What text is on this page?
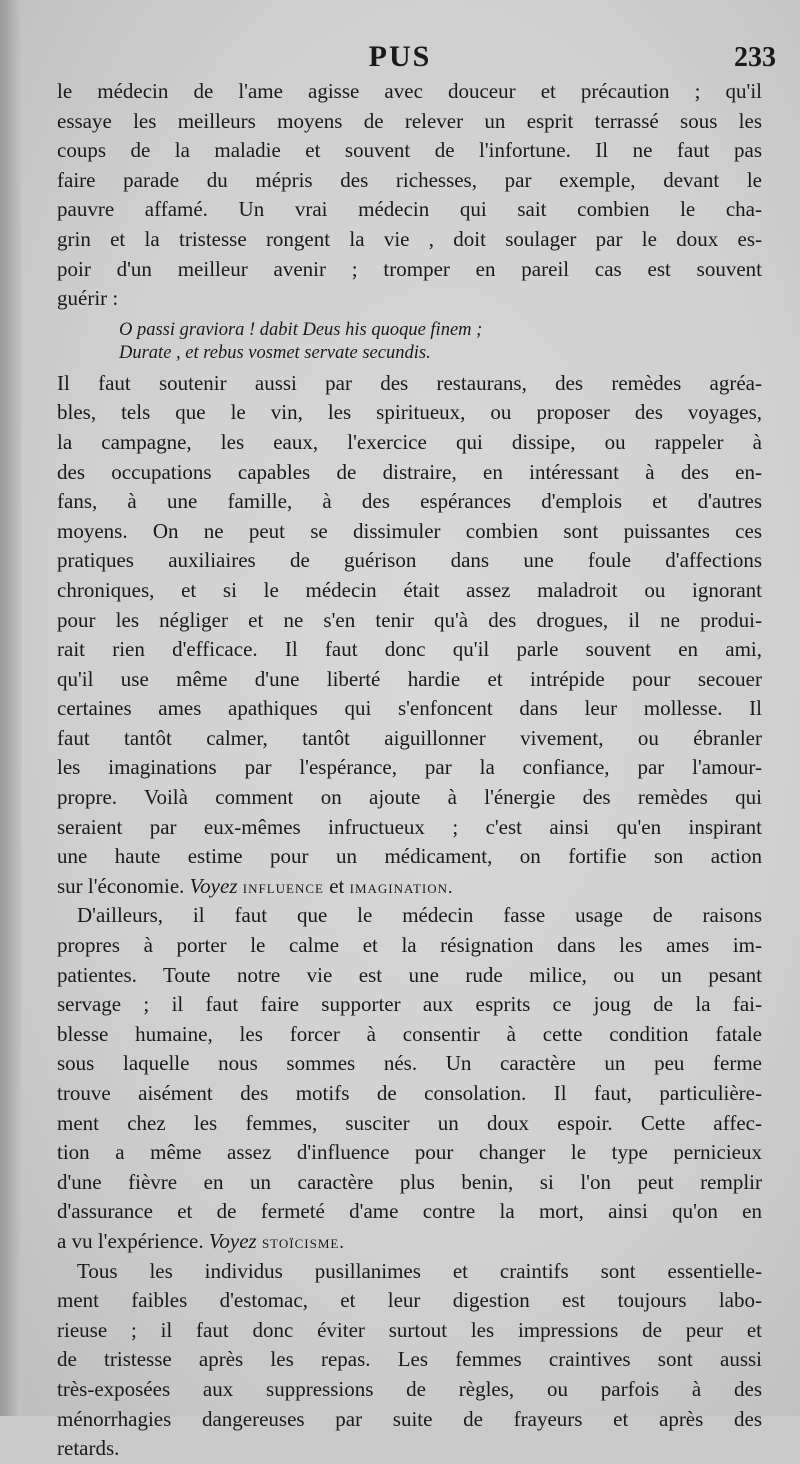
PUS	233
le médecin de l'ame agisse avec douceur et précaution ; qu'il
essaye les meilleurs moyens de relever un esprit terrassé sous les
coups de la maladie et souvent de l'infortune. Il ne faut pas
faire parade du mépris des richesses, par exemple, devant le
pauvre affamé. Un vrai médecin qui sait combien le cha-
grin et la tristesse rongent la vie , doit soulager par le doux es-
poir d'un meilleur avenir ; tromper en pareil cas est souvent
guérir :
O passi graviora ! dabit Deus his quoque finem ;
Durate , et rebus vosmet servate secundis.
Il faut soutenir aussi par des restaurans, des remèdes agréa-
bles, tels que le vin, les spiritueux, ou proposer des voyages,
la campagne, les eaux, l'exercice qui dissipe, ou rappeler à
des occupations capables de distraire, en intéressant à des en-
fans, à une famille, à des espérances d'emplois et d'autres
moyens. On ne peut se dissimuler combien sont puissantes ces
pratiques auxiliaires de guérison dans une foule d'affections
chroniques, et si le médecin était assez maladroit ou ignorant
pour les négliger et ne s'en tenir qu'à des drogues, il ne produi-
rait rien d'efficace. Il faut donc qu'il parle souvent en ami,
qu'il use même d'une liberté hardie et intrépide pour secouer
certaines ames apathiques qui s'enfoncent dans leur mollesse. Il
faut tantôt calmer, tantôt aiguillonner vivement, ou ébranler
les imaginations par l'espérance, par la confiance, par l'amour-
propre. Voilà comment on ajoute à l'énergie des remèdes qui
seraient par eux-mêmes infructueux ; c'est ainsi qu'en inspirant
une haute estime pour un médicament, on fortifie son action
sur l'économie. Voyez influence et imagination.
D'ailleurs, il faut que le médecin fasse usage de raisons
propres à porter le calme et la résignation dans les ames im-
patientes. Toute notre vie est une rude milice, ou un pesant
servage ; il faut faire supporter aux esprits ce joug de la fai-
blesse humaine, les forcer à consentir à cette condition fatale
sous laquelle nous sommes nés. Un caractère un peu ferme
trouve aisément des motifs de consolation. Il faut, particulière-
ment chez les femmes, susciter un doux espoir. Cette affec-
tion a même assez d'influence pour changer le type pernicieux
d'une fièvre en un caractère plus benin, si l'on peut remplir
d'assurance et de fermeté d'ame contre la mort, ainsi qu'on en
a vu l'expérience. Voyez stoïcisme.
Tous les individus pusillanimes et craintifs sont essentielle-
ment faibles d'estomac, et leur digestion est toujours labo-
rieuse ; il faut donc éviter surtout les impressions de peur et
de tristesse après les repas. Les femmes craintives sont aussi
très-exposées aux suppressions de règles, ou parfois à des
ménorrhagies dangereuses par suite de frayeurs et après des
retards.
